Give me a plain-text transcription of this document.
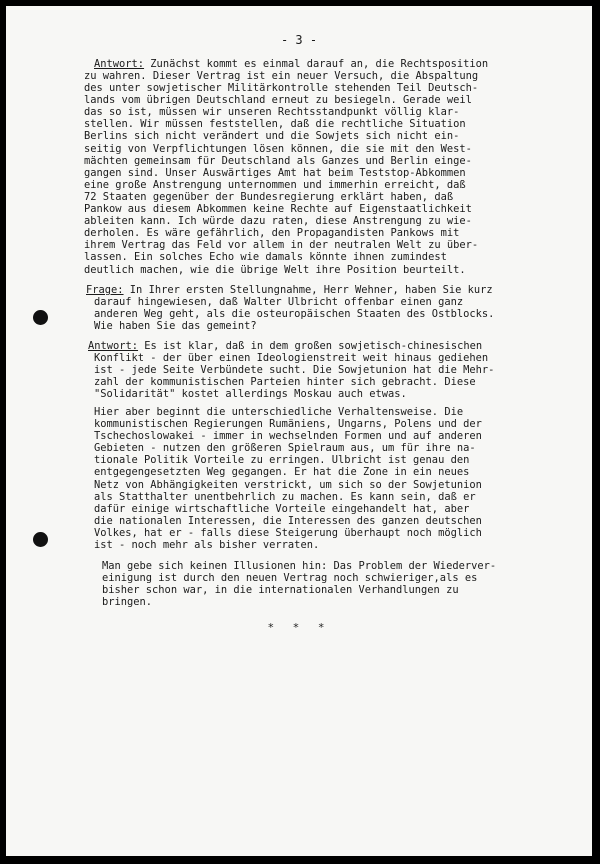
- 3 -
Antwort: Zunächst kommt es einmal darauf an, die Rechtsposition
zu wahren. Dieser Vertrag ist ein neuer Versuch, die Abspaltung
des unter sowjetischer Militärkontrolle stehenden Teil Deutsch-
lands vom übrigen Deutschland erneut zu besiegeln. Gerade weil
das so ist, müssen wir unseren Rechtsstandpunkt völlig klar-
stellen. Wir müssen feststellen, daß die rechtliche Situation
Berlins sich nicht verändert und die Sowjets sich nicht ein-
seitig von Verpflichtungen lösen können, die sie mit den West-
mächten gemeinsam für Deutschland als Ganzes und Berlin einge-
gangen sind. Unser Auswärtiges Amt hat beim Teststop-Abkommen
eine große Anstrengung unternommen und immerhin erreicht, daß
72 Staaten gegenüber der Bundesregierung erklärt haben, daß
Pankow aus diesem Abkommen keine Rechte auf Eigenstaatlichkeit
ableiten kann. Ich würde dazu raten, diese Anstrengung zu wie-
derholen. Es wäre gefährlich, den Propagandisten Pankows mit
ihrem Vertrag das Feld vor allem in der neutralen Welt zu über-
lassen. Ein solches Echo wie damals könnte ihnen zumindest
deutlich machen, wie die übrige Welt ihre Position beurteilt.
Frage: In Ihrer ersten Stellungnahme, Herr Wehner, haben Sie kurz
darauf hingewiesen, daß Walter Ulbricht offenbar einen ganz
anderen Weg geht, als die osteuropäischen Staaten des Ostblocks.
Wie haben Sie das gemeint?
Antwort: Es ist klar, daß in dem großen sowjetisch-chinesischen
Konflikt - der über einen Ideologienstreit weit hinaus gediehen
ist - jede Seite Verbündete sucht. Die Sowjetunion hat die Mehr-
zahl der kommunistischen Parteien hinter sich gebracht. Diese
"Solidarität" kostet allerdings Moskau auch etwas.
Hier aber beginnt die unterschiedliche Verhaltensweise. Die
kommunistischen Regierungen Rumäniens, Ungarns, Polens und der
Tschechoslowakei - immer in wechselnden Formen und auf anderen
Gebieten - nutzen den größeren Spielraum aus, um für ihre na-
tionale Politik Vorteile zu erringen. Ulbricht ist genau den
entgegengesetzten Weg gegangen. Er hat die Zone in ein neues
Netz von Abhängigkeiten verstrickt, um sich so der Sowjetunion
als Statthalter unentbehrlich zu machen. Es kann sein, daß er
dafür einige wirtschaftliche Vorteile eingehandelt hat, aber
die nationalen Interessen, die Interessen des ganzen deutschen
Volkes, hat er - falls diese Steigerung überhaupt noch möglich
ist - noch mehr als bisher verraten.
Man gebe sich keinen Illusionen hin: Das Problem der Wiederver-
einigung ist durch den neuen Vertrag noch schwieriger,als es
bisher schon war, in die internationalen Verhandlungen zu
bringen.
* * *
